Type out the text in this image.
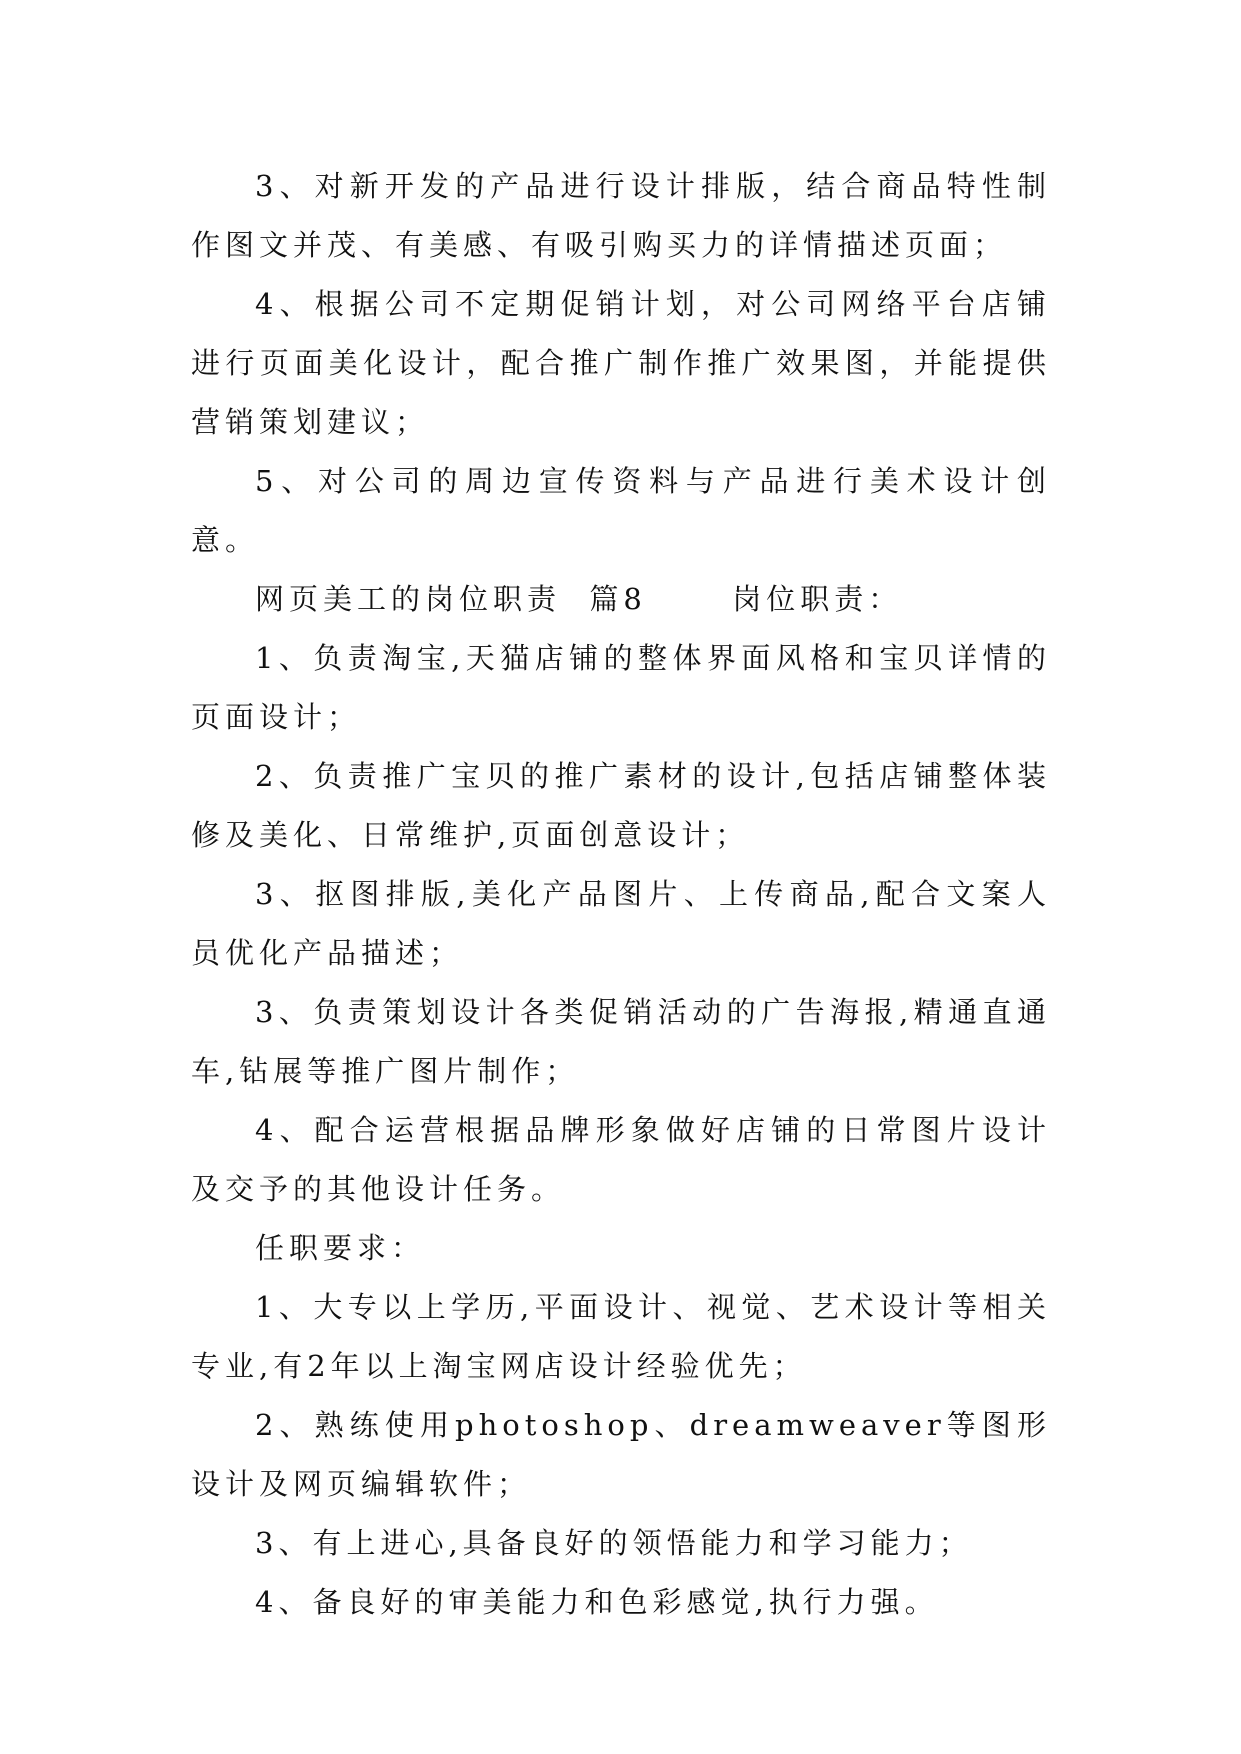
3、对新开发的产品进行设计排版，结合商品特性制作图文并茂、有美感、有吸引购买力的详情描述页面；

4、根据公司不定期促销计划，对公司网络平台店铺进行页面美化设计，配合推广制作推广效果图，并能提供营销策划建议；

5、对公司的周边宣传资料与产品进行美术设计创意。

网页美工的岗位职责  篇8      岗位职责：

1、负责淘宝,天猫店铺的整体界面风格和宝贝详情的页面设计；

2、负责推广宝贝的推广素材的设计,包括店铺整体装修及美化、日常维护,页面创意设计；

3、抠图排版,美化产品图片、上传商品,配合文案人员优化产品描述；

3、负责策划设计各类促销活动的广告海报,精通直通车,钻展等推广图片制作；

4、配合运营根据品牌形象做好店铺的日常图片设计及交予的其他设计任务。

任职要求：

1、大专以上学历,平面设计、视觉、艺术设计等相关专业,有2年以上淘宝网店设计经验优先；

2、熟练使用photoshop、dreamweaver等图形设计及网页编辑软件；

3、有上进心,具备良好的领悟能力和学习能力；

4、备良好的审美能力和色彩感觉,执行力强。
